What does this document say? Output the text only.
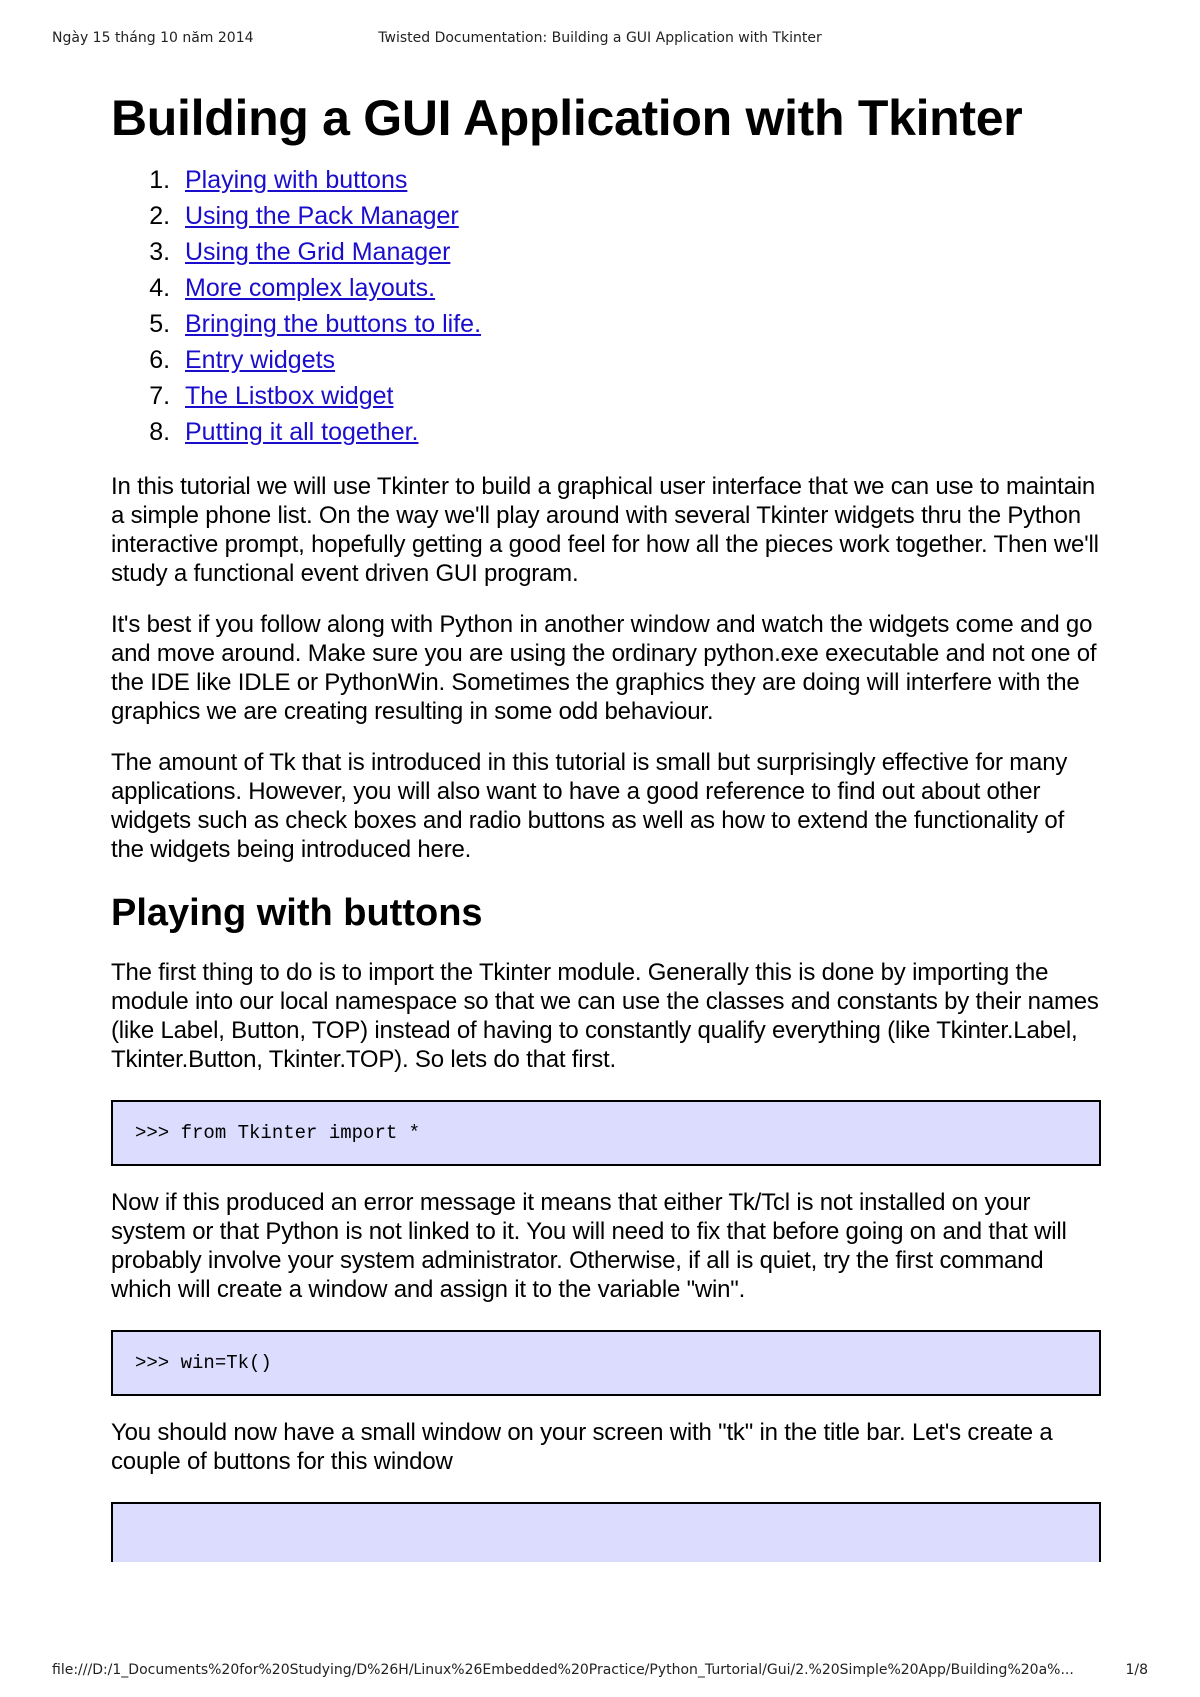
Ngày 15 tháng 10 năm 2014	Twisted Documentation: Building a GUI Application with Tkinter
Building a GUI Application with Tkinter
1. Playing with buttons
2. Using the Pack Manager
3. Using the Grid Manager
4. More complex layouts.
5. Bringing the buttons to life.
6. Entry widgets
7. The Listbox widget
8. Putting it all together.

In this tutorial we will use Tkinter to build a graphical user interface that we can use to maintain a simple phone list. On the way we'll play around with several Tkinter widgets thru the Python interactive prompt, hopefully getting a good feel for how all the pieces work together. Then we'll study a functional event driven GUI program.

It's best if you follow along with Python in another window and watch the widgets come and go and move around. Make sure you are using the ordinary python.exe executable and not one of the IDE like IDLE or PythonWin. Sometimes the graphics they are doing will interfere with the graphics we are creating resulting in some odd behaviour.

The amount of Tk that is introduced in this tutorial is small but surprisingly effective for many applications. However, you will also want to have a good reference to find out about other widgets such as check boxes and radio buttons as well as how to extend the functionality of the widgets being introduced here.

Playing with buttons

The first thing to do is to import the Tkinter module. Generally this is done by importing the module into our local namespace so that we can use the classes and constants by their names (like Label, Button, TOP) instead of having to constantly qualify everything (like Tkinter.Label, Tkinter.Button, Tkinter.TOP). So lets do that first.

>>> from Tkinter import *

Now if this produced an error message it means that either Tk/Tcl is not installed on your system or that Python is not linked to it. You will need to fix that before going on and that will probably involve your system administrator. Otherwise, if all is quiet, try the first command which will create a window and assign it to the variable "win".

>>> win=Tk()

You should now have a small window on your screen with "tk" in the title bar. Let's create a couple of buttons for this window

file:///D:/1_Documents%20for%20Studying/D%26H/Linux%26Embedded%20Practice/Python_Turtorial/Gui/2.%20Simple%20App/Building%20a%...	1/8
